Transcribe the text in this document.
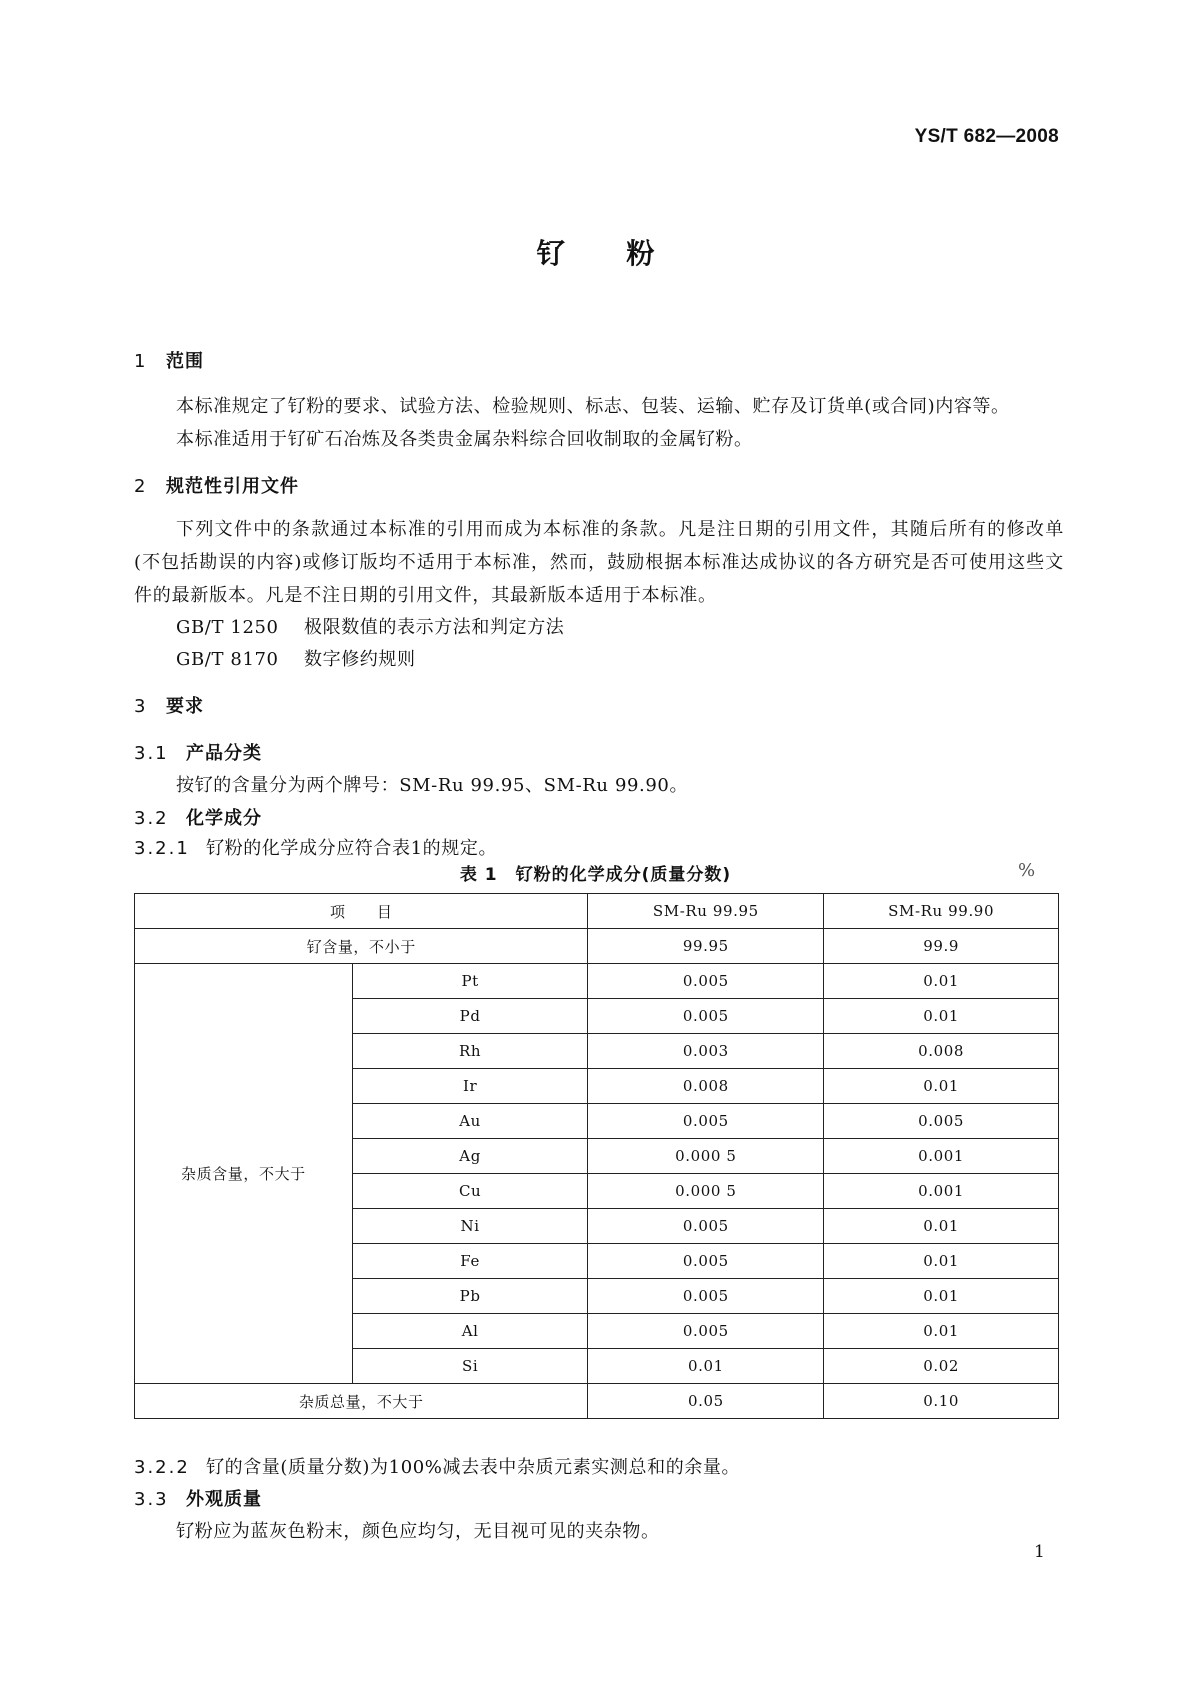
YS/T 682—2008
钌 粉
1 范围
本标准规定了钌粉的要求、试验方法、检验规则、标志、包装、运输、贮存及订货单(或合同)内容等。
本标准适用于钌矿石冶炼及各类贵金属杂料综合回收制取的金属钌粉。
2 规范性引用文件
下列文件中的条款通过本标准的引用而成为本标准的条款。凡是注日期的引用文件，其随后所有的修改单(不包括勘误的内容)或修订版均不适用于本标准，然而，鼓励根据本标准达成协议的各方研究是否可使用这些文件的最新版本。凡是不注日期的引用文件，其最新版本适用于本标准。
GB/T 1250 极限数值的表示方法和判定方法
GB/T 8170 数字修约规则
3 要求
3.1 产品分类
按钌的含量分为两个牌号：SM-Ru 99.95、SM-Ru 99.90。
3.2 化学成分
3.2.1 钌粉的化学成分应符合表1的规定。
表 1　钌粉的化学成分(质量分数)	%
项　　目		SM-Ru 99.95	SM-Ru 99.90
钌含量，不小于		99.95	99.9
杂质含量，不大于	Pt	0.005	0.01
	Pd	0.005	0.01
	Rh	0.003	0.008
	Ir	0.008	0.01
	Au	0.005	0.005
	Ag	0.000 5	0.001
	Cu	0.000 5	0.001
	Ni	0.005	0.01
	Fe	0.005	0.01
	Pb	0.005	0.01
	Al	0.005	0.01
	Si	0.01	0.02
杂质总量，不大于		0.05	0.10
3.2.2 钌的含量(质量分数)为100%减去表中杂质元素实测总和的余量。
3.3 外观质量
钌粉应为蓝灰色粉末，颜色应均匀，无目视可见的夹杂物。
1
